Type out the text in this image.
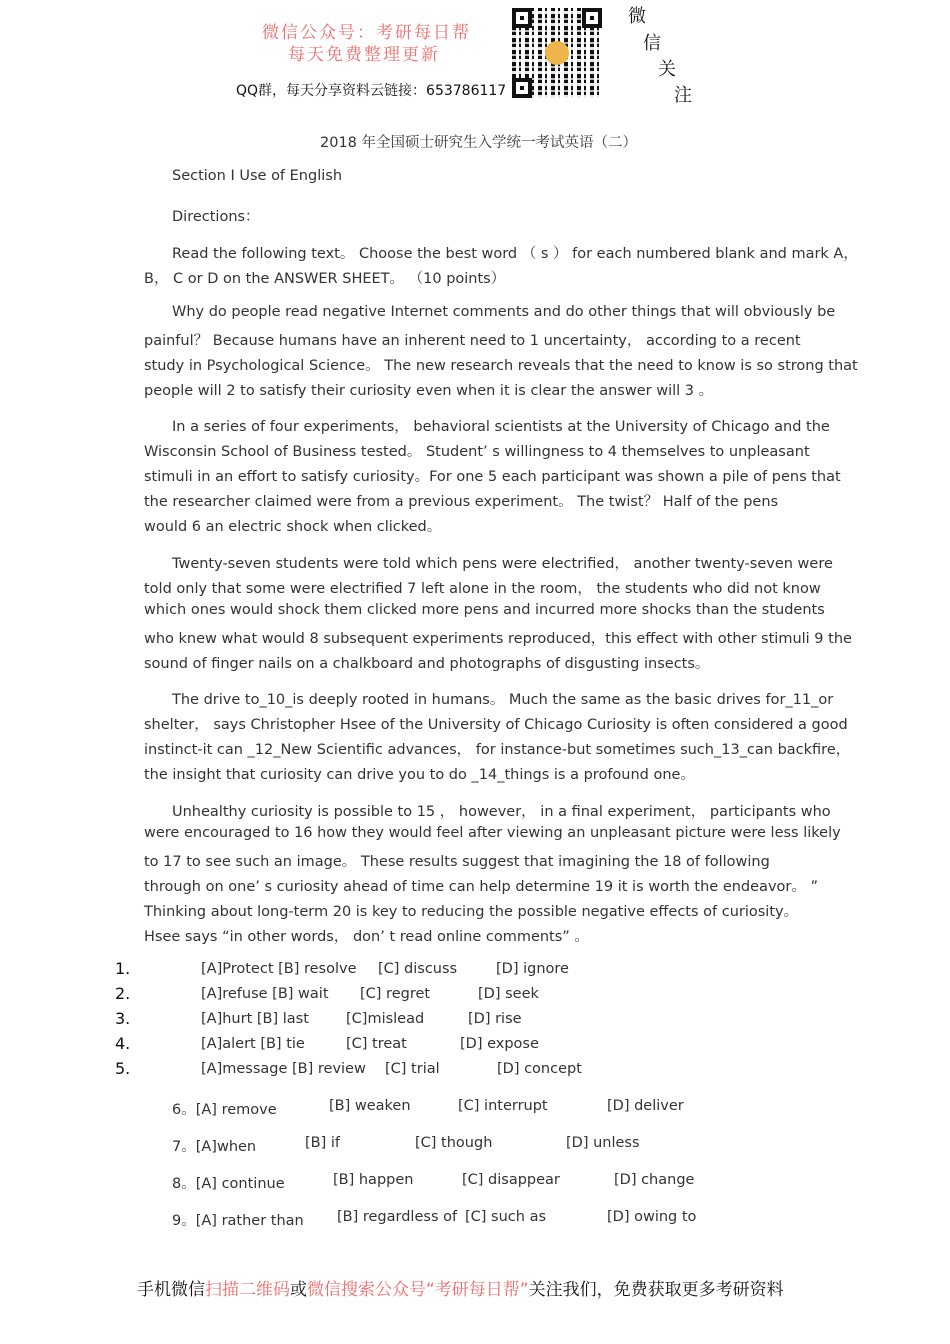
微信公众号：考研每日帮
每天免费整理更新
QQ群，每天分享资料云链接：653786117
微
信
关
注
2018 年全国硕士研究生入学统一考试英语（二）
Section I Use of English
Directions：
Read the following text。 Choose the best word （ s ） for each numbered blank and mark A，
B， C or D on the ANSWER SHEET。 （10 points）
Why do people read negative Internet comments and do other things that will obviously be
painful？ Because humans have an inherent need to 1 uncertainty， according to a recent
study in Psychological Science。 The new research reveals that the need to know is so strong that
people will 2 to satisfy their curiosity even when it is clear the answer will 3 。
In a series of four experiments， behavioral scientists at the University of Chicago and the
Wisconsin School of Business tested。 Student’ s willingness to 4 themselves to unpleasant
stimuli in an effort to satisfy curiosity。For one 5 each participant was shown a pile of pens that
the researcher claimed were from a previous experiment。 The twist？ Half of the pens
would 6 an electric shock when clicked。
Twenty-seven students were told which pens were electrified， another twenty-seven were
told only that some were electrified 7 left alone in the room， the students who did not know
which ones would shock them clicked more pens and incurred more shocks than the students
who knew what would 8 subsequent experiments reproduced，this effect with other stimuli 9 the
sound of finger nails on a chalkboard and photographs of disgusting insects。
The drive to_10_is deeply rooted in humans。 Much the same as the basic drives for_11_or
shelter， says Christopher Hsee of the University of Chicago Curiosity is often considered a good
instinct-it can _12_New Scientific advances， for instance-but sometimes such_13_can backfire，
the insight that curiosity can drive you to do _14_things is a profound one。
Unhealthy curiosity is possible to 15 ， however， in a final experiment， participants who
were encouraged to 16 how they would feel after viewing an unpleasant picture were less likely
to 17 to see such an image。 These results suggest that imagining the 18 of following
through on one’ s curiosity ahead of time can help determine 19 it is worth the endeavor。 ”
Thinking about long-term 20 is key to reducing the possible negative effects of curiosity。
Hsee says “in other words， don’ t read online comments” 。
1.	[A]Protect [B] resolve [C] discuss	[D] ignore
2.	[A]refuse [B] wait [C] regret	[D] seek
3.	[A]hurt [B] last	[C]mislead	[D] rise
4.	[A]alert [B] tie	[C] treat	[D] expose
5.	[A]message [B] review [C] trial	[D] concept
6。[A] remove	[B] weaken	[C] interrupt	[D] deliver
7。[A]when	[B] if	[C] though	[D] unless
8。[A] continue	[B] happen	[C] disappear	[D] change
9。[A] rather than [B] regardless of [C] such as	[D] owing to
手机微信扫描二维码或微信搜索公众号“考研每日帮”关注我们，免费获取更多考研资料
